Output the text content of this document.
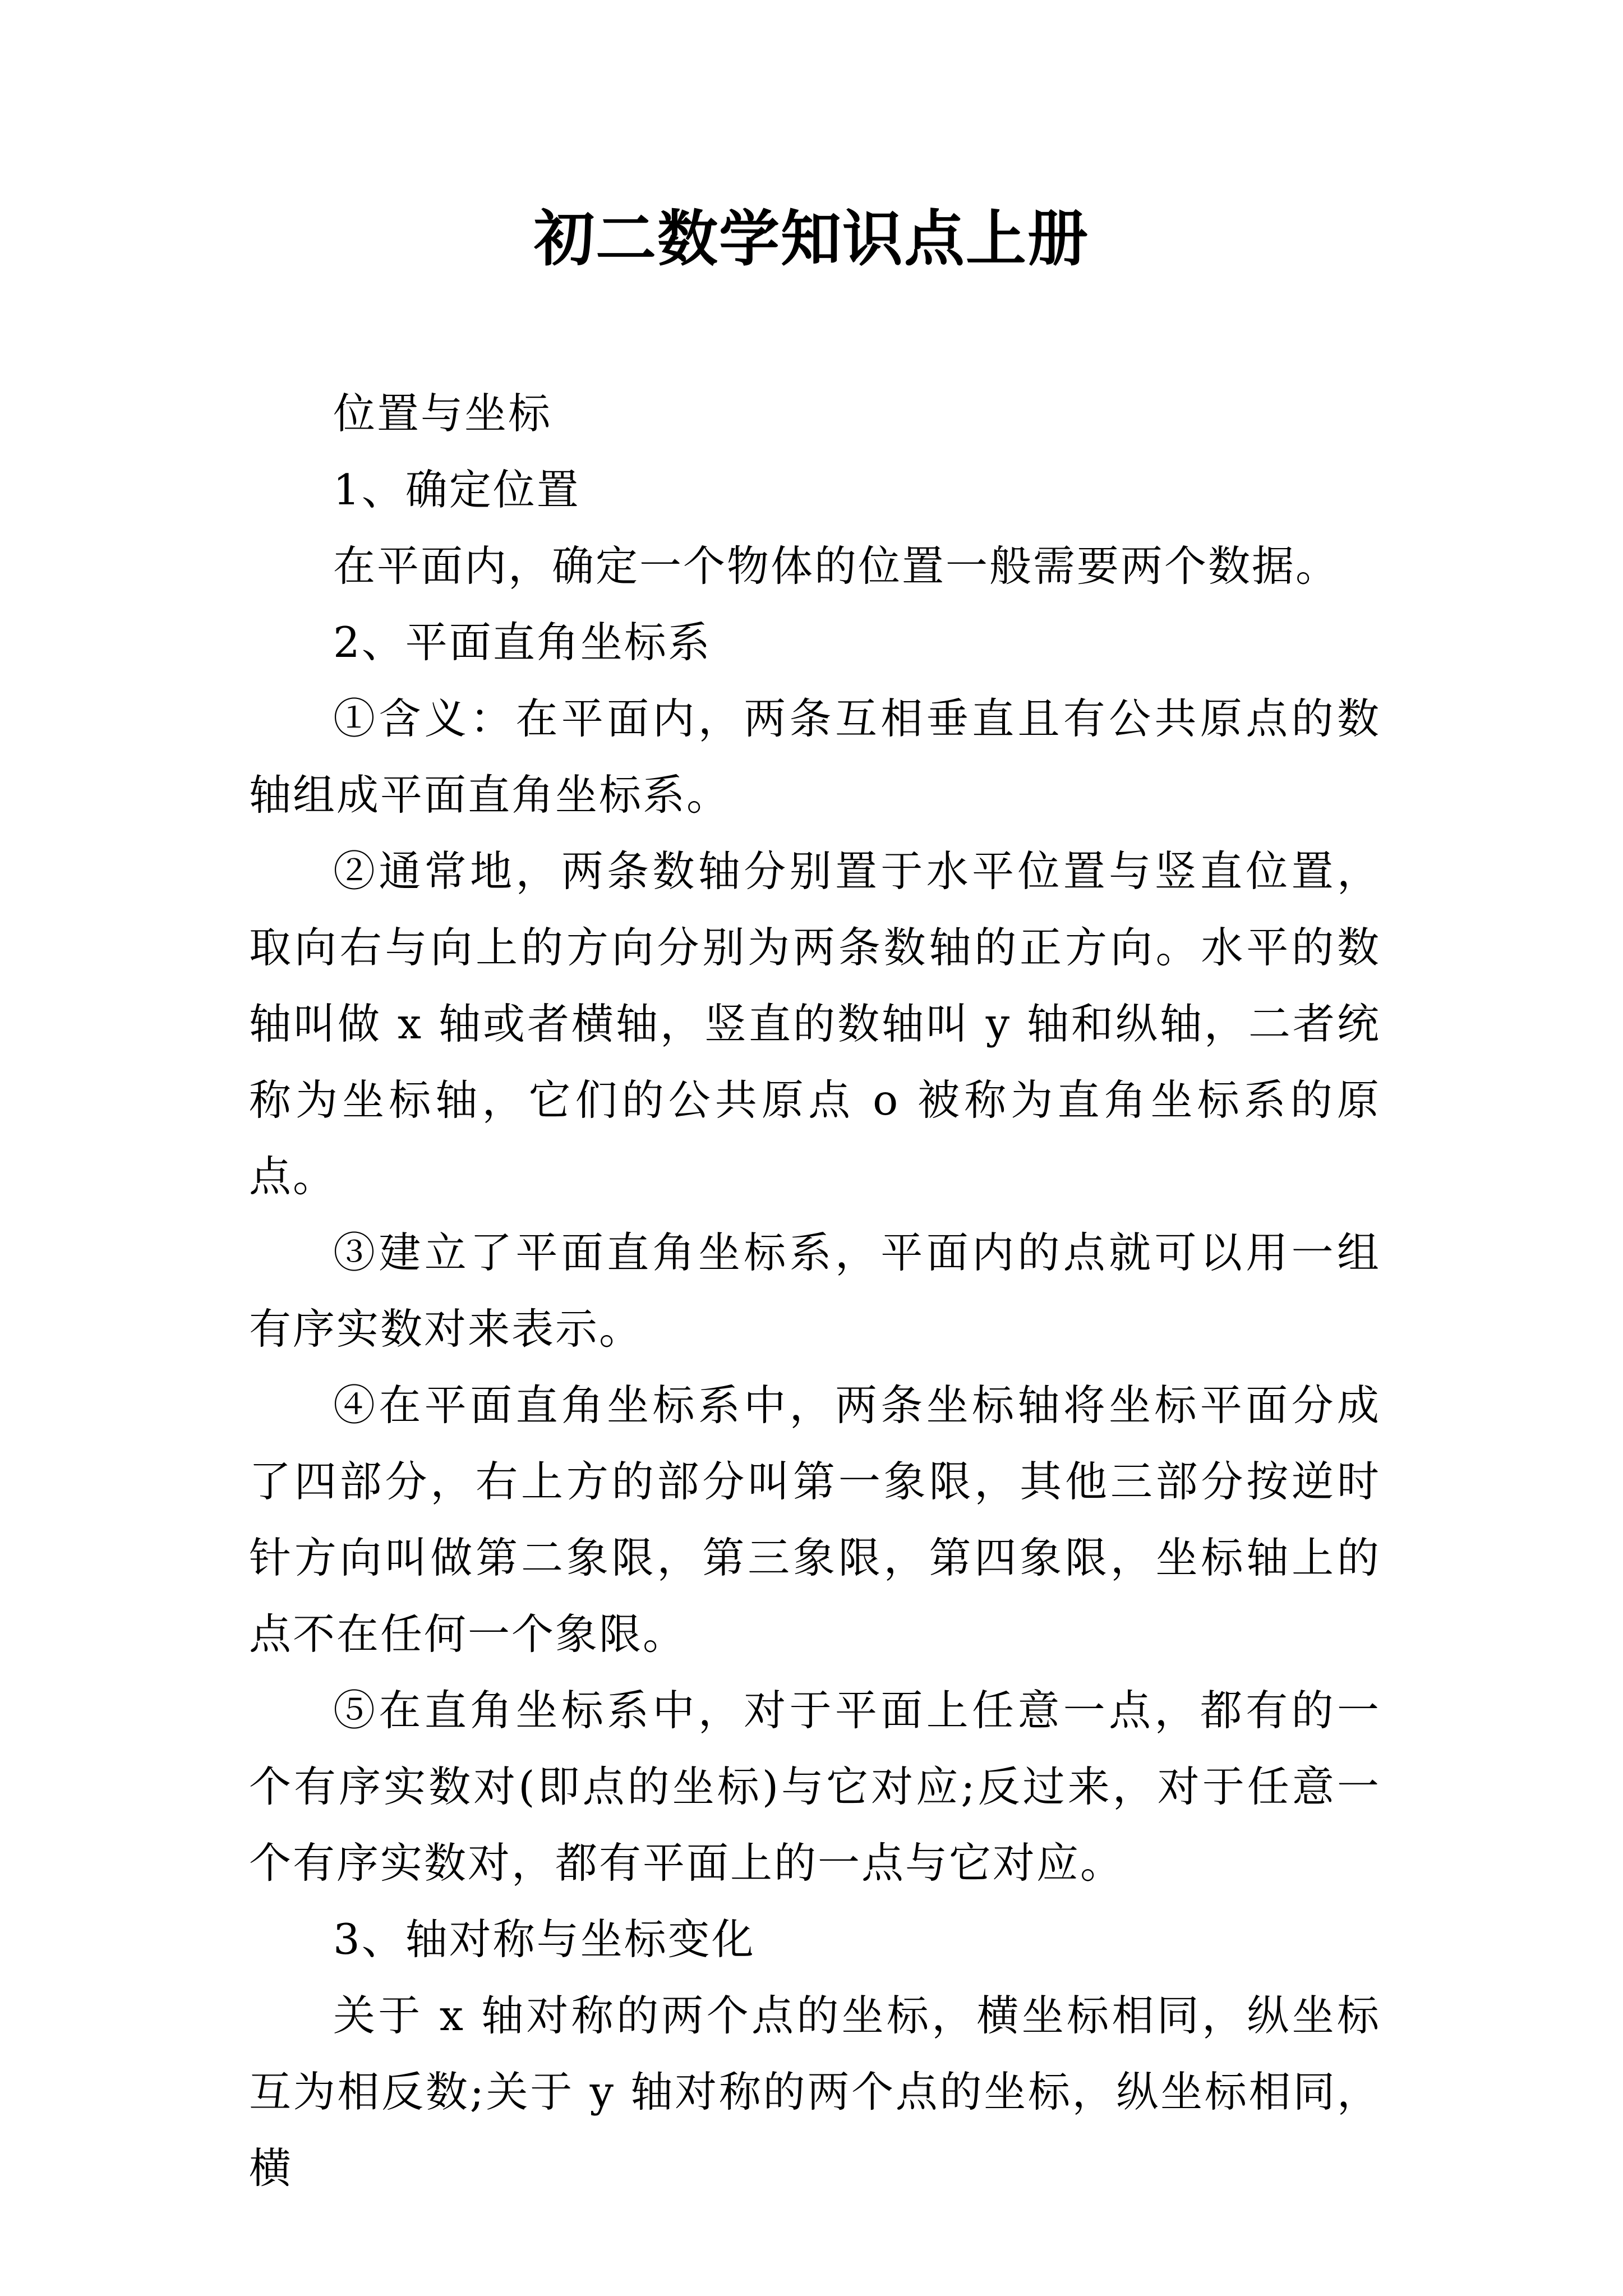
初二数学知识点上册

位置与坐标

1、确定位置

在平面内，确定一个物体的位置一般需要两个数据。

2、平面直角坐标系

①含义：在平面内，两条互相垂直且有公共原点的数轴组成平面直角坐标系。

②通常地，两条数轴分别置于水平位置与竖直位置，取向右与向上的方向分别为两条数轴的正方向。水平的数轴叫做 x 轴或者横轴，竖直的数轴叫 y 轴和纵轴，二者统称为坐标轴，它们的公共原点 o 被称为直角坐标系的原点。

③建立了平面直角坐标系，平面内的点就可以用一组有序实数对来表示。

④在平面直角坐标系中，两条坐标轴将坐标平面分成了四部分，右上方的部分叫第一象限，其他三部分按逆时针方向叫做第二象限，第三象限，第四象限，坐标轴上的点不在任何一个象限。

⑤在直角坐标系中，对于平面上任意一点，都有的一个有序实数对(即点的坐标)与它对应;反过来，对于任意一个有序实数对，都有平面上的一点与它对应。

3、轴对称与坐标变化

关于 x 轴对称的两个点的坐标，横坐标相同，纵坐标互为相反数;关于 y 轴对称的两个点的坐标，纵坐标相同，横
